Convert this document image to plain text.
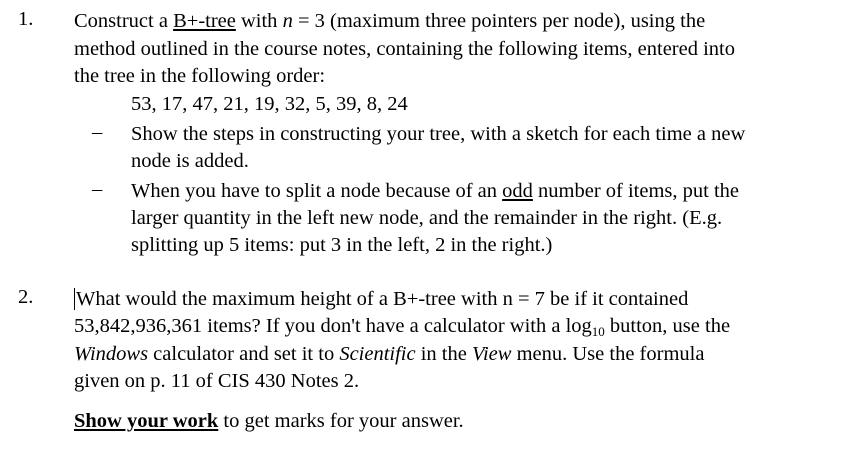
1. Construct a B+-tree with n = 3 (maximum three pointers per node), using the
method outlined in the course notes, containing the following items, entered into
the tree in the following order:
53, 17, 47, 21, 19, 32, 5, 39, 8, 24
– Show the steps in constructing your tree, with a sketch for each time a new
node is added.
– When you have to split a node because of an odd number of items, put the
larger quantity in the left new node, and the remainder in the right. (E.g.
splitting up 5 items: put 3 in the left, 2 in the right.)
2. What would the maximum height of a B+-tree with n = 7 be if it contained
53,842,936,361 items? If you don't have a calculator with a $\log_{10}$ button, use the
Windows calculator and set it to Scientific in the View menu. Use the formula
given on p. 11 of CIS 430 Notes 2.
Show your work to get marks for your answer.
